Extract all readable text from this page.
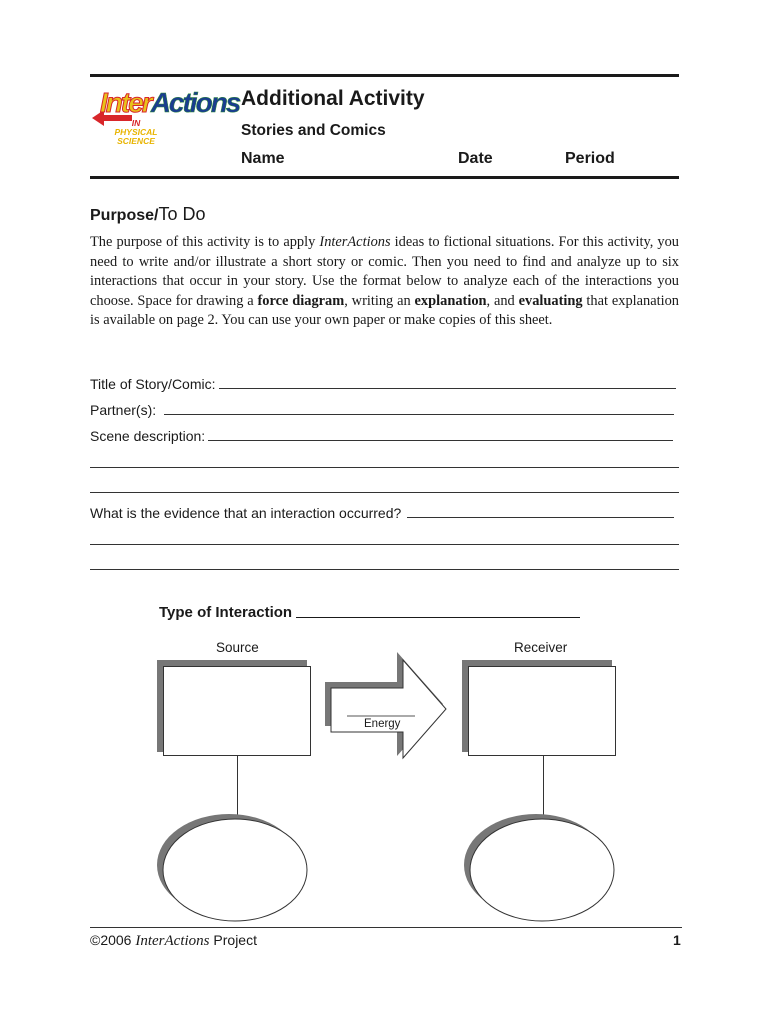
InterActions
IN
PHYSICAL
SCIENCE
Additional Activity
Stories and Comics
Name	Date	Period
Purpose/To Do
The purpose of this activity is to apply InterActions ideas to fictional situations. For this activity, you need to write and/or illustrate a short story or comic. Then you need to find and analyze up to six interactions that occur in your story. Use the format below to analyze each of the interactions you choose. Space for drawing a force diagram, writing an explanation, and evaluating that explanation is available on page 2. You can use your own paper or make copies of this sheet.
Title of Story/Comic:
Partner(s):
Scene description:
What is the evidence that an interaction occurred?
Type of Interaction
Source	Receiver
Energy
©2006 InterActions Project	1
